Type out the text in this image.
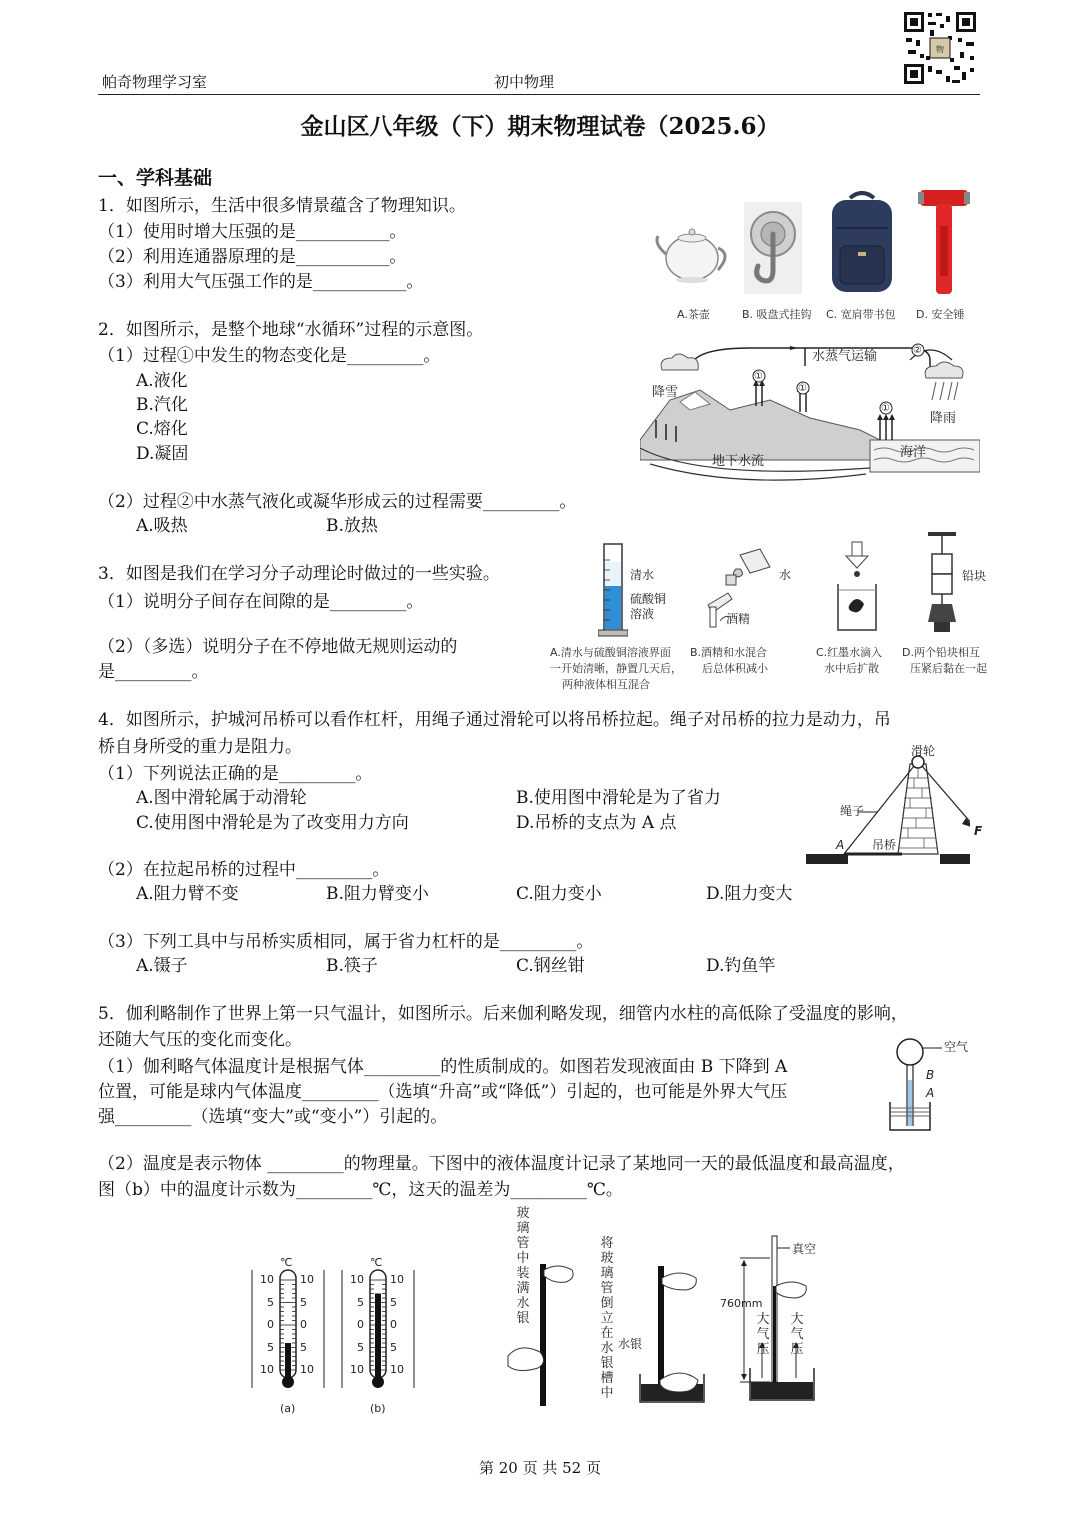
物
帕奇物理学习室	初中物理
金山区八年级（下）期末物理试卷（2025.6）
一、学科基础
1．如图所示，生活中很多情景蕴含了物理知识。
（1）使用时增大压强的是___________。
（2）利用连通器原理的是___________。
（3）利用大气压强工作的是___________。
A.茶壶	B. 吸盘式挂钩 C. 宽肩带书包 D. 安全锤
2．如图所示，是整个地球“水循环”过程的示意图。
（1）过程①中发生的物态变化是_________。
A.液化
B.汽化
C.熔化
D.凝固
（2）过程②中水蒸气液化或凝华形成云的过程需要_________。
A.吸热	B.放热
水蒸气运输
降雪
降雨
地下水流
海洋
①
①
①
②
3．如图是我们在学习分子动理论时做过的一些实验。
（1）说明分子间存在间隙的是_________。
（2）（多选）说明分子在不停地做无规则运动的
是_________。
清水
硫酸铜
溶液
水
酒精
铅块
A.清水与硫酸铜溶液界面
一开始清晰，静置几天后，
两种液体相互混合
B.酒精和水混合
后总体积减小
C.红墨水滴入
水中后扩散
D.两个铅块相互
压紧后黏在一起
4．如图所示，护城河吊桥可以看作杠杆，用绳子通过滑轮可以将吊桥拉起。绳子对吊桥的拉力是动力，吊
桥自身所受的重力是阻力。
（1）下列说法正确的是_________。
A.图中滑轮属于动滑轮	B.使用图中滑轮是为了省力
C.使用图中滑轮是为了改变用力方向	D.吊桥的支点为 A 点
（2）在拉起吊桥的过程中_________。
A.阻力臂不变	B.阻力臂变小	C.阻力变小	D.阻力变大
（3）下列工具中与吊桥实质相同，属于省力杠杆的是_________。
A.镊子	B.筷子	C.钢丝钳	D.钓鱼竿
滑轮
绳子
吊桥
A
F
5．伽利略制作了世界上第一只气温计，如图所示。后来伽利略发现，细管内水柱的高低除了受温度的影响，
还随大气压的变化而变化。
（1）伽利略气体温度计是根据气体_________的性质制成的。如图若发现液面由 B 下降到 A
位置，可能是球内气体温度_________（选填“升高”或“降低”）引起的，也可能是外界大气压
强_________（选填“变大”或“变小”）引起的。
（2）温度是表示物体 _________的物理量。下图中的液体温度计记录了某地同一天的最低温度和最高温度，
图（b）中的温度计示数为_________℃，这天的温差为_________℃。
空气
B
A
℃	℃
(a)	(b)
10 10
5 5
0 0
5 5
10 10
10 10
5 5
0 0
5 5
10 10
玻璃管中装满水银
将玻璃管倒立在水银槽中
水银
真空
760mm
大气压
大气压
第 20 页 共 52 页
